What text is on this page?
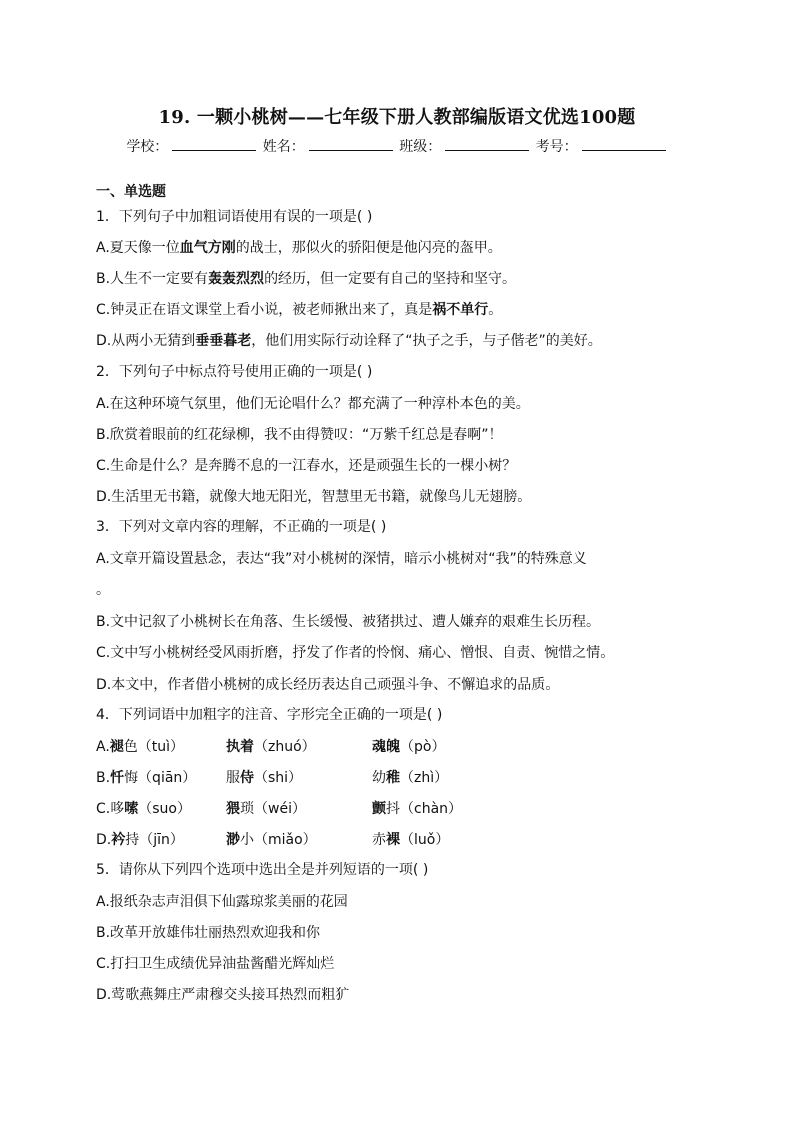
19. 一颗小桃树——七年级下册人教部编版语文优选100题
学校：	姓名：	班级：	考号：
一、单选题
1．下列句子中加粗词语使用有误的一项是( )
A.夏天像一位血气方刚的战士，那似火的骄阳便是他闪亮的盔甲。
B.人生不一定要有轰轰烈烈的经历，但一定要有自己的坚持和坚守。
C.钟灵正在语文课堂上看小说，被老师揪出来了，真是祸不单行。
D.从两小无猜到垂垂暮老，他们用实际行动诠释了“执子之手，与子偕老”的美好。
2．下列句子中标点符号使用正确的一项是( )
A.在这种环境气氛里，他们无论唱什么？都充满了一种淳朴本色的美。
B.欣赏着眼前的红花绿柳，我不由得赞叹：“万紫千红总是春啊”！
C.生命是什么？是奔腾不息的一江春水，还是顽强生长的一棵小树？
D.生活里无书籍，就像大地无阳光，智慧里无书籍，就像鸟儿无翅膀。
3．下列对文章内容的理解，不正确的一项是( )
A.文章开篇设置悬念，表达“我”对小桃树的深情，暗示小桃树对“我”的特殊意义
。
B.文中记叙了小桃树长在角落、生长缓慢、被猪拱过、遭人嫌弃的艰难生长历程。
C.文中写小桃树经受风雨折磨，抒发了作者的怜悯、痛心、憎恨、自责、惋惜之情。
D.本文中，作者借小桃树的成长经历表达自己顽强斗争、不懈追求的品质。
4．下列词语中加粗字的注音、字形完全正确的一项是( )
A.褪色（tuì）	执着（zhuó）	魂魄（pò）
B.忏悔（qiān） 服侍（shi）	幼稚（zhì）
C.哆嗦（suo）	猥琐（wéi）	颤抖（chàn）
D.衿持（jīn）	渺小（miǎo）	赤裸（luǒ）
5．请你从下列四个选项中选出全是并列短语的一项( )
A.报纸杂志声泪俱下仙露琼浆美丽的花园
B.改革开放雄伟壮丽热烈欢迎我和你
C.打扫卫生成绩优异油盐酱醋光辉灿烂
D.莺歌燕舞庄严肃穆交头接耳热烈而粗犷
